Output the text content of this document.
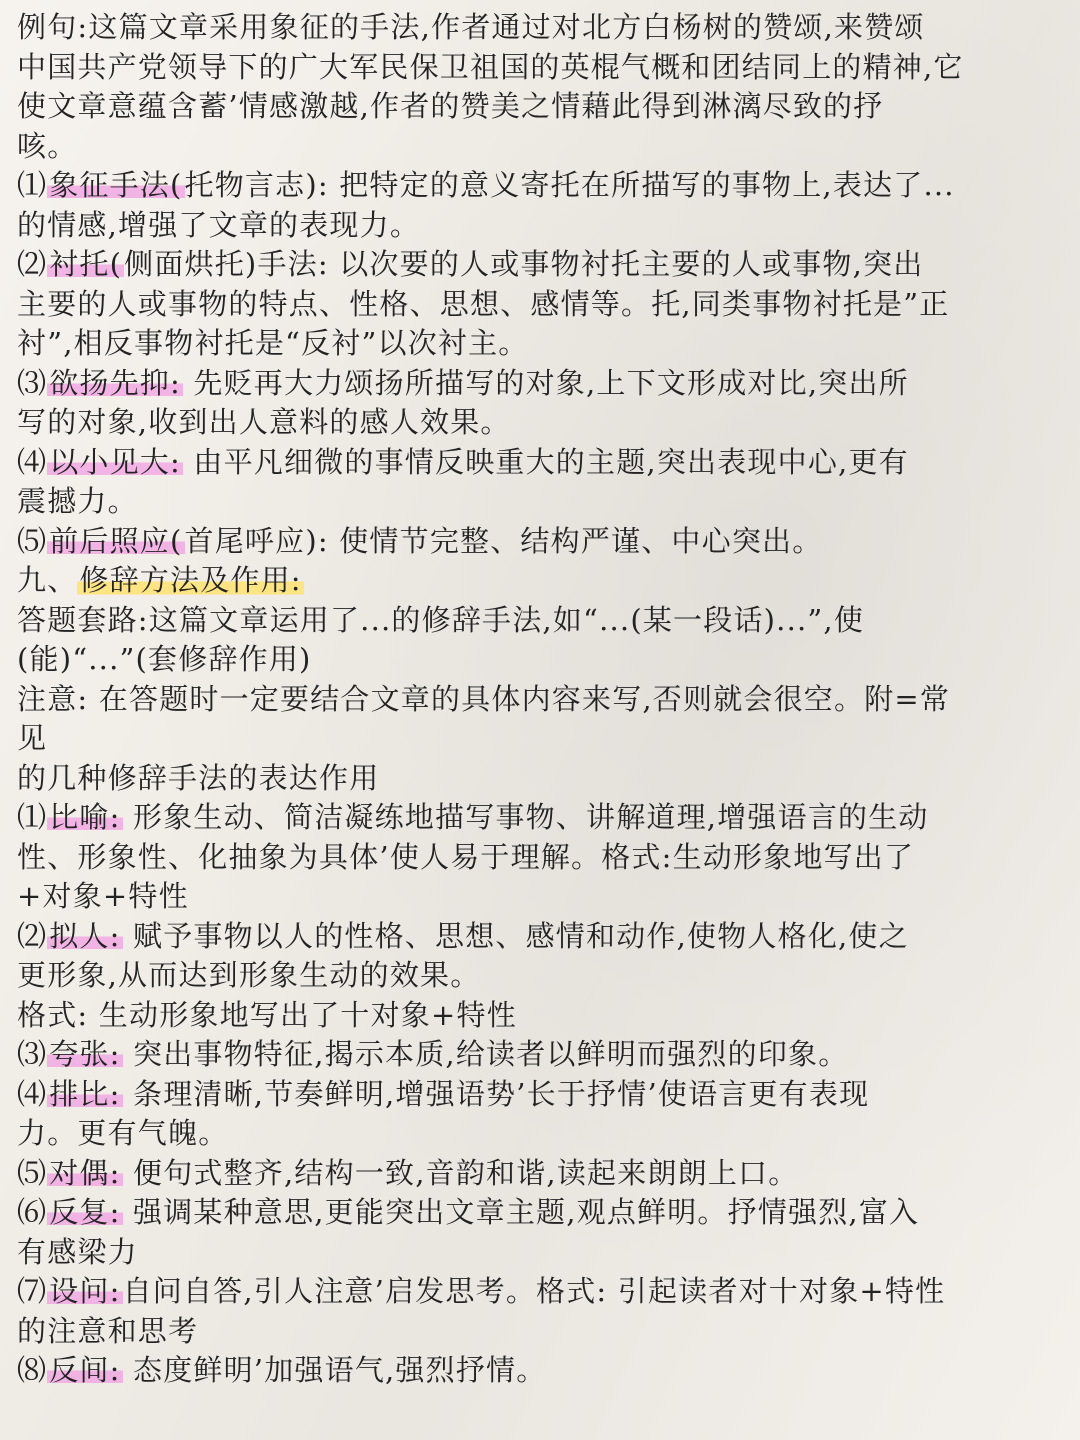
例句:这篇文章采用象征的手法,作者通过对北方白杨树的赞颂,来赞颂
中国共产党领导下的广大军民保卫祖国的英棍气概和团结同上的精神,它
使文章意蕴含蓄’情感激越,作者的赞美之情藉此得到淋漓尽致的抒
咳。
⑴象征手法(托物言志): 把特定的意义寄托在所描写的事物上,表达了...
的情感,增强了文章的表现力。
⑵衬托(侧面烘托)手法: 以次要的人或事物衬托主要的人或事物,突出
主要的人或事物的特点、性格、思想、感情等。托,同类事物衬托是”正
衬”,相反事物衬托是“反衬”以次衬主。
⑶欲扬先抑: 先贬再大力颂扬所描写的对象,上下文形成对比,突出所
写的对象,收到出人意料的感人效果。
⑷以小见大: 由平凡细微的事情反映重大的主题,突出表现中心,更有
震撼力。
⑸前后照应(首尾呼应): 使情节完整、结构严谨、中心突出。
九、修辞方法及作用:
答题套路:这篇文章运用了...的修辞手法,如“...(某一段话)...”,使
(能)“...”(套修辞作用)
注意: 在答题时一定要结合文章的具体内容来写,否则就会很空。附=常
见
的几种修辞手法的表达作用
⑴比喻: 形象生动、简洁凝练地描写事物、讲解道理,增强语言的生动
性、形象性、化抽象为具体’使人易于理解。格式:生动形象地写出了
+对象+特性
⑵拟人: 赋予事物以人的性格、思想、感情和动作,使物人格化,使之
更形象,从而达到形象生动的效果。
格式: 生动形象地写出了十对象+特性
⑶夸张: 突出事物特征,揭示本质,给读者以鲜明而强烈的印象。
⑷排比: 条理清晰,节奏鲜明,增强语势’长于抒情’使语言更有表现
力。更有气魄。
⑸对偶: 便句式整齐,结构一致,音韵和谐,读起来朗朗上口。
⑹反复: 强调某种意思,更能突出文章主题,观点鲜明。抒情强烈,富入
有感梁力
⑺设问:自问自答,引人注意’启发思考。格式: 引起读者对十对象+特性
的注意和思考
⑻反间: 态度鲜明’加强语气,强烈抒情。
